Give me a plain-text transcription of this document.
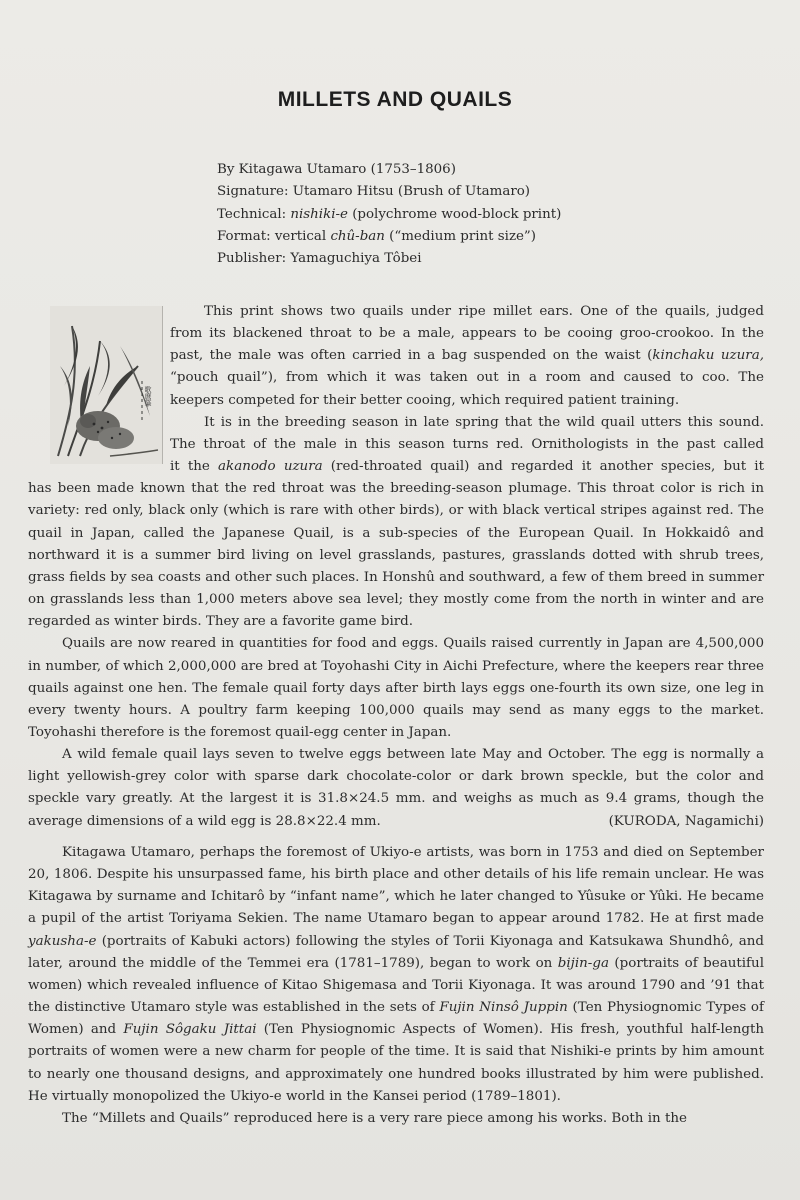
MILLETS AND QUAILS
By Kitagawa Utamaro (1753–1806)
Signature: Utamaro Hitsu (Brush of Utamaro)
Technical: nishiki-e (polychrome wood-block print)
Format: vertical chû-ban (“medium print size”)
Publisher: Yamaguchiya Tôbei
歌麿筆
This print shows two quails under ripe millet ears. One of the quails, judged
from its blackened throat to be a male, appears to be cooing groo-crookoo. In the
past, the male was often carried in a bag suspended on the waist (kinchaku uzura,
“pouch quail”), from which it was taken out in a room and caused to coo. The
keepers competed for their better cooing, which required patient training.
It is in the breeding season in late spring that the wild quail utters this sound.
The throat of the male in this season turns red. Ornithologists in the past called
it the akanodo uzura (red-throated quail) and regarded it another species, but it

has been made known that the red throat was the breeding-season plumage. This throat color is rich in variety: red only, black only (which is rare with other birds), or with black vertical stripes against red. The quail in Japan, called the Japanese Quail, is a sub-species of the European Quail. In Hokkaidô and northward it is a summer bird living on level grasslands, pastures, grasslands dotted with shrub trees, grass fields by sea coasts and other such places. In Honshû and southward, a few of them breed in summer on grasslands less than 1,000 meters above sea level; they mostly come from the north in winter and are regarded as winter birds. They are a favorite game bird.

Quails are now reared in quantities for food and eggs. Quails raised currently in Japan are 4,500,000 in number, of which 2,000,000 are bred at Toyohashi City in Aichi Prefecture, where the keepers rear three quails against one hen. The female quail forty days after birth lays eggs one-fourth its own size, one leg in every twenty hours. A poultry farm keeping 100,000 quails may send as many eggs to the market. Toyohashi therefore is the foremost quail-egg center in Japan.

A wild female quail lays seven to twelve eggs between late May and October. The egg is normally a light yellowish-grey color with sparse dark chocolate-color or dark brown speckle, but the color and speckle vary greatly. At the largest it is 31.8×24.5 mm. and weighs as much as 9.4 grams, though the average dimensions of a wild egg is 28.8×22.4 mm.	(KURODA, Nagamichi)

Kitagawa Utamaro, perhaps the foremost of Ukiyo-e artists, was born in 1753 and died on September 20, 1806. Despite his unsurpassed fame, his birth place and other details of his life remain unclear. He was Kitagawa by surname and Ichitarô by “infant name”, which he later changed to Yûsuke or Yûki. He became a pupil of the artist Toriyama Sekien. The name Utamaro began to appear around 1782. He at first made yakusha-e (portraits of Kabuki actors) following the styles of Torii Kiyonaga and Katsukawa Shundhô, and later, around the middle of the Temmei era (1781–1789), began to work on bijin-ga (portraits of beautiful women) which revealed influence of Kitao Shigemasa and Torii Kiyonaga. It was around 1790 and ’91 that the distinctive Utamaro style was established in the sets of Fujin Ninsô Juppin (Ten Physiognomic Types of Women) and Fujin Sôgaku Jittai (Ten Physiognomic Aspects of Women). His fresh, youthful half-length portraits of women were a new charm for people of the time. It is said that Nishiki-e prints by him amount to nearly one thousand designs, and approximately one hundred books illustrated by him were published. He virtually monopolized the Ukiyo-e world in the Kansei period (1789–1801).

The “Millets and Quails” reproduced here is a very rare piece among his works. Both in the
